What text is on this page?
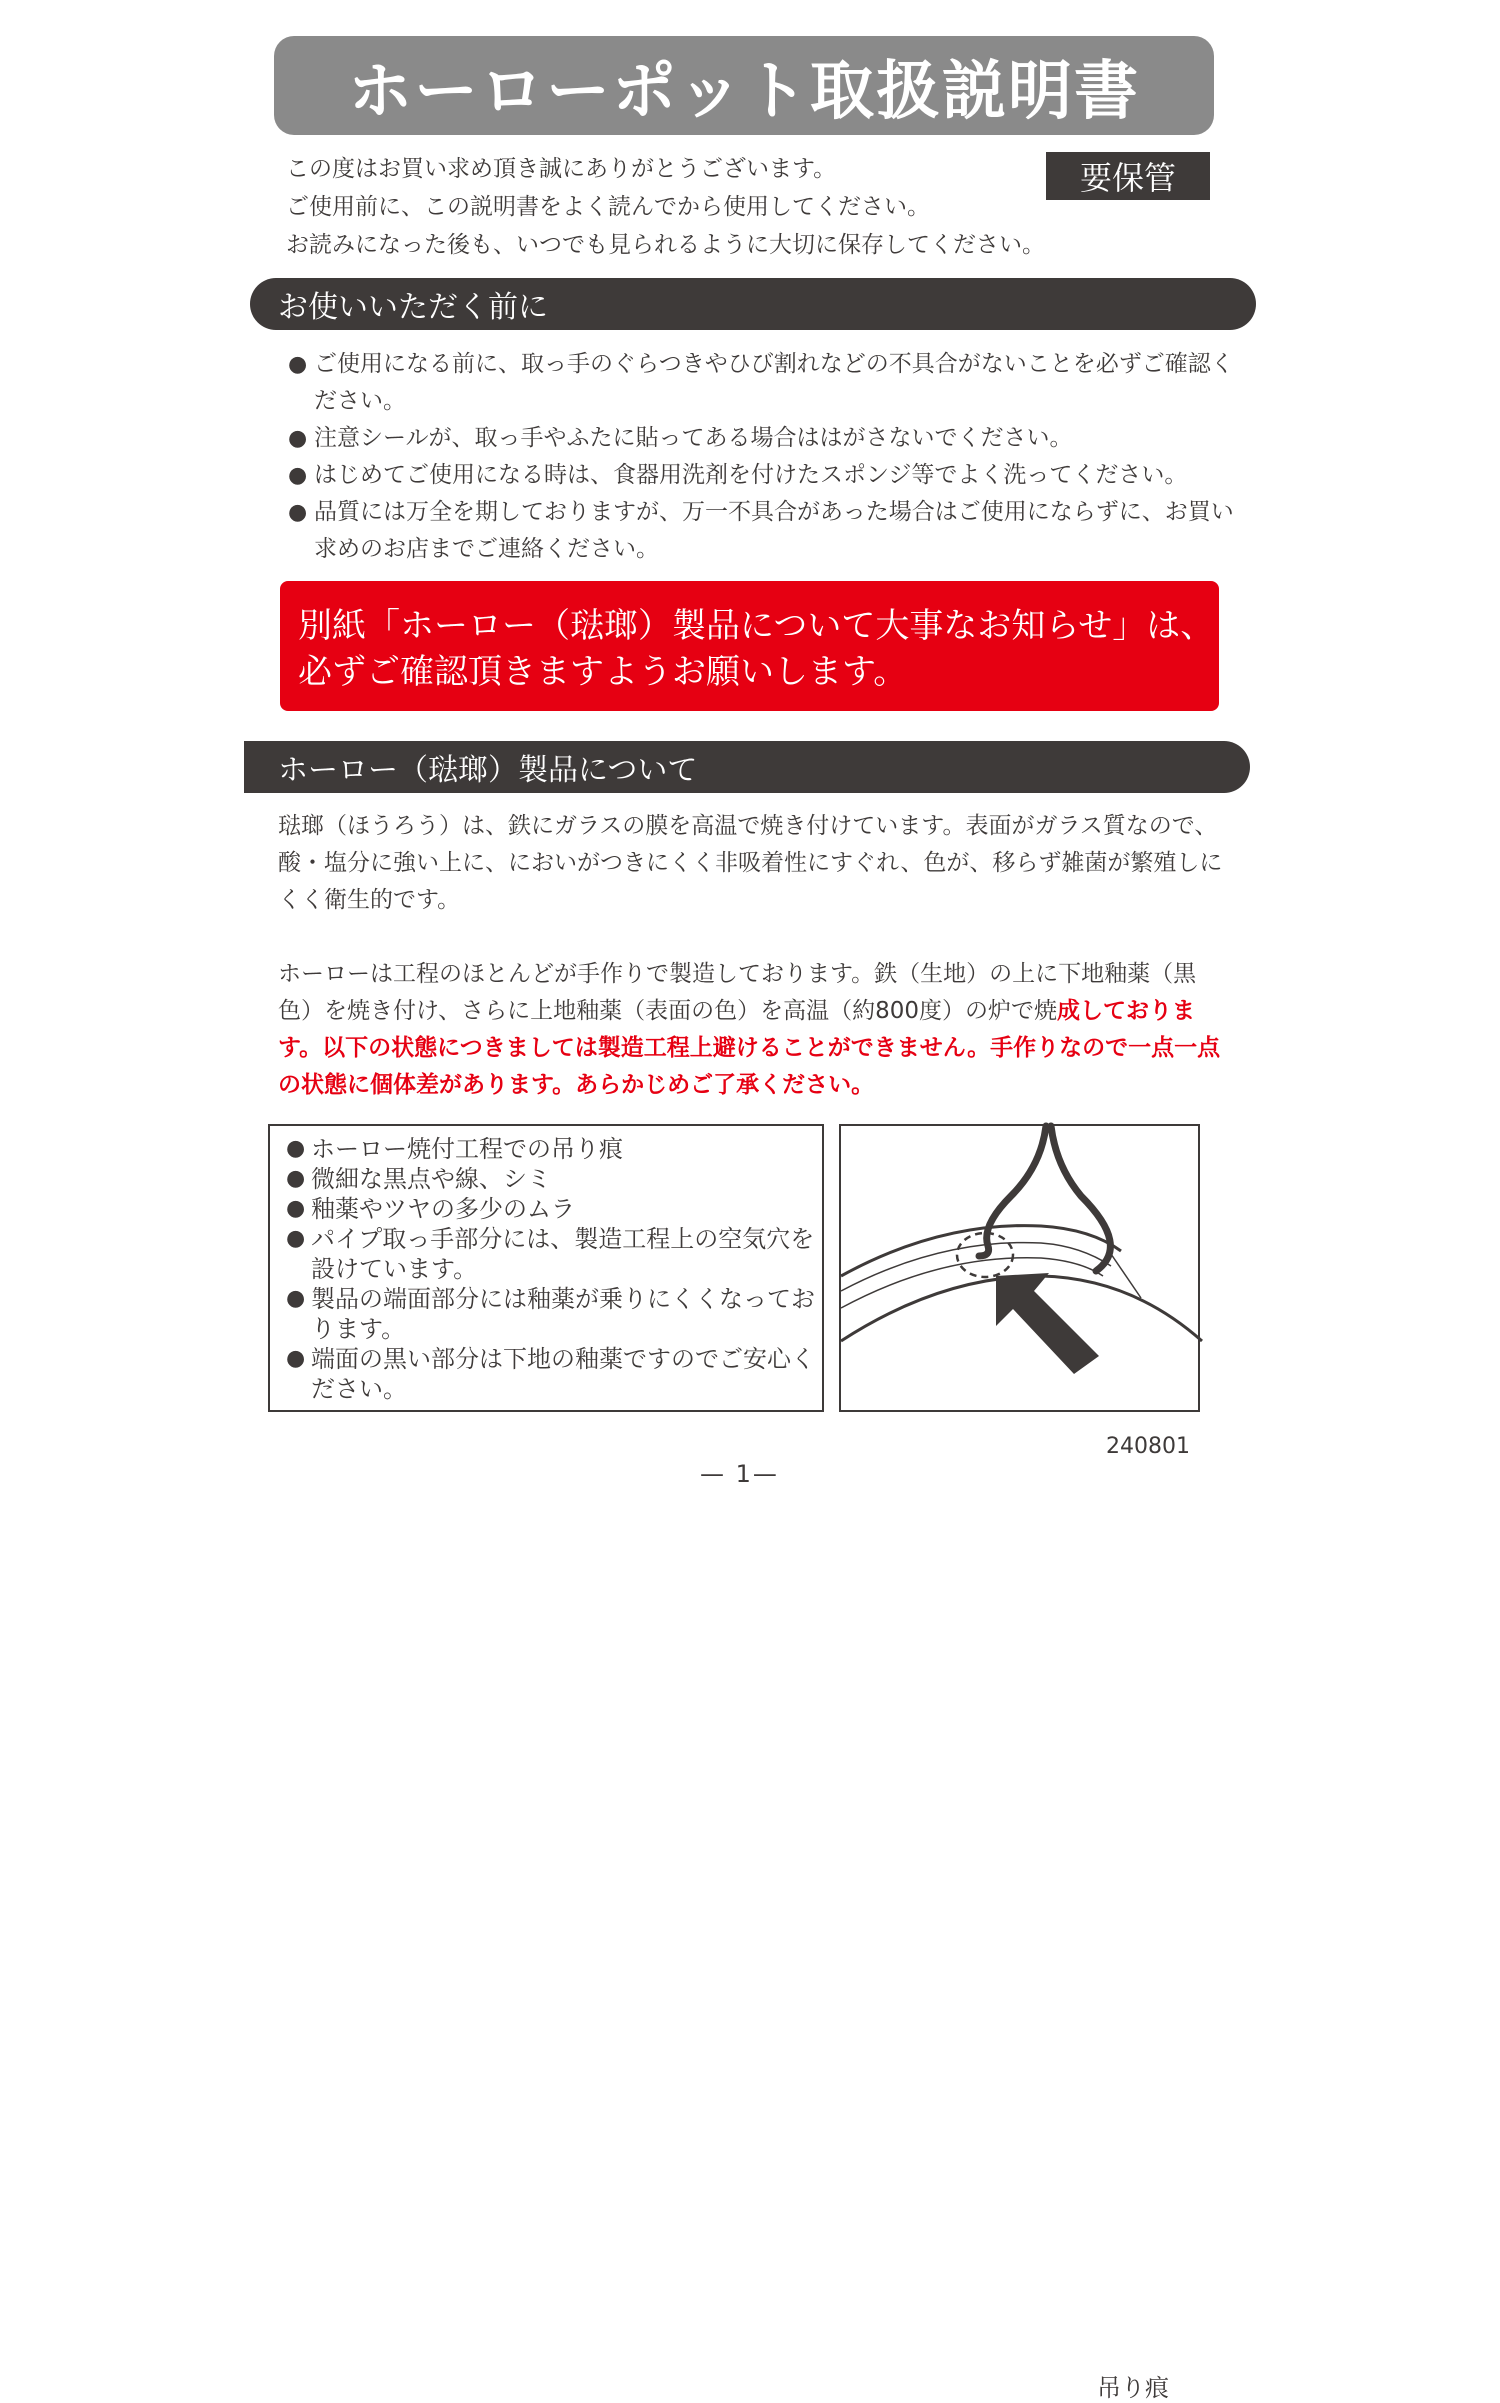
ホーローポット取扱説明書
要保管
この度はお買い求め頂き誠にありがとうございます。
ご使用前に、この説明書をよく読んでから使用してください。
お読みになった後も、いつでも見られるように大切に保存してください。
お使いいただく前に
● ご使用になる前に、取っ手のぐらつきやひび割れなどの不具合がないことを必ずご確認ください。
● 注意シールが、取っ手やふたに貼ってある場合ははがさないでください。
● はじめてご使用になる時は、食器用洗剤を付けたスポンジ等でよく洗ってください。
● 品質には万全を期しておりますが、万一不具合があった場合はご使用にならずに、お買い求めのお店までご連絡ください。
別紙「ホーロー（琺瑯）製品について大事なお知らせ」は、
必ずご確認頂きますようお願いします。
ホーロー（琺瑯）製品について

琺瑯（ほうろう）は、鉄にガラスの膜を高温で焼き付けています。表面がガラス質なので、酸・塩分に強い上に、においがつきにくく非吸着性にすぐれ、色が、移らず雑菌が繁殖しにくく衛生的です。

ホーローは工程のほとんどが手作りで製造しております。鉄（生地）の上に下地釉薬（黒色）を焼き付け、さらに上地釉薬（表面の色）を高温（約800度）の炉で焼成しております。以下の状態につきましては製造工程上避けることができません。手作りなので一点一点の状態に個体差があります。あらかじめご了承ください。

● ホーロー焼付工程での吊り痕
● 微細な黒点や線、シミ
● 釉薬やツヤの多少のムラ
● パイプ取っ手部分には、製造工程上の空気穴を設けています。
● 製品の端面部分には釉薬が乗りにくくなっております。
● 端面の黒い部分は下地の釉薬ですのでご安心ください。
吊り痕
240801
— 1—
